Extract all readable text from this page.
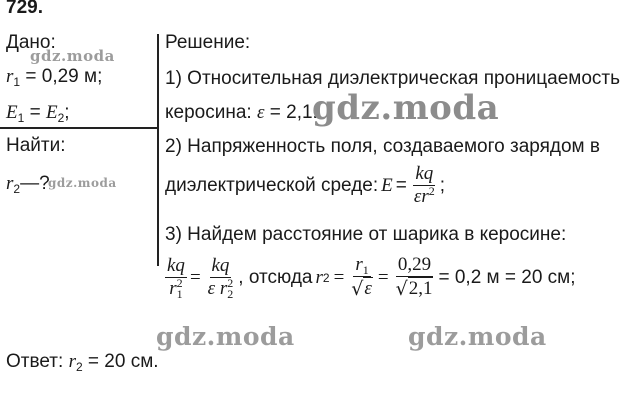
729.
Дано:
$r_1 = 0,29$ м;
$E_1 = E_2$;
Найти:
$r_2—$?
Решение:
1) Относительная диэлектрическая проницаемость
керосина: ε = 2,1.
2) Напряженность поля, создаваемого зарядом в
диэлектрической среде: $E = \frac{kq}{\varepsilon r^2}$ ;
3) Найдем расстояние от шарика в керосине:
$\frac{kq}{r_1^2} = \frac{kq}{\varepsilon r_2^2}$ , отсюда r $2 = \frac{r_1}{√ \varepsilon} = \frac{0,29}{√ 2,1} = 0,2$ м = 20 см;
Ответ: $r_2 = 20$ см.
gdz.moda
gdz.moda
gdz.moda
gdz.moda	gdz.moda
